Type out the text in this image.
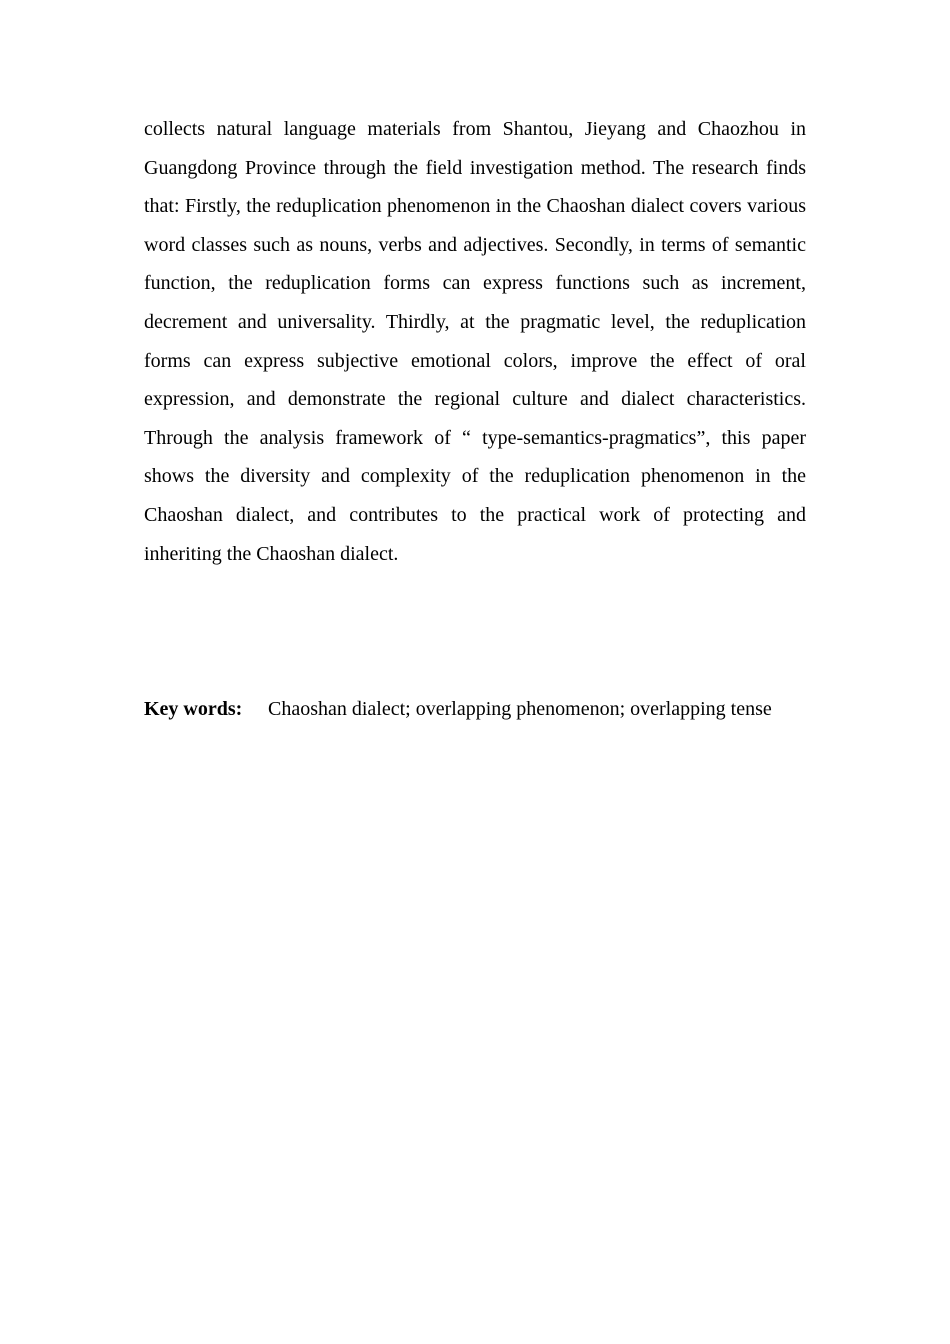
collects natural language materials from Shantou, Jieyang and Chaozhou in Guangdong Province through the field investigation method. The research finds that: Firstly, the reduplication phenomenon in the Chaoshan dialect covers various word classes such as nouns, verbs and adjectives. Secondly, in terms of semantic function, the reduplication forms can express functions such as increment, decrement and universality. Thirdly, at the pragmatic level, the reduplication forms can express subjective emotional colors, improve the effect of oral expression, and demonstrate the regional culture and dialect characteristics. Through the analysis framework of “ type-semantics-pragmatics”, this paper shows the diversity and complexity of the reduplication phenomenon in the Chaoshan dialect, and contributes to the practical work of protecting and inheriting the Chaoshan dialect.

Key words: Chaoshan dialect; overlapping phenomenon; overlapping tense
